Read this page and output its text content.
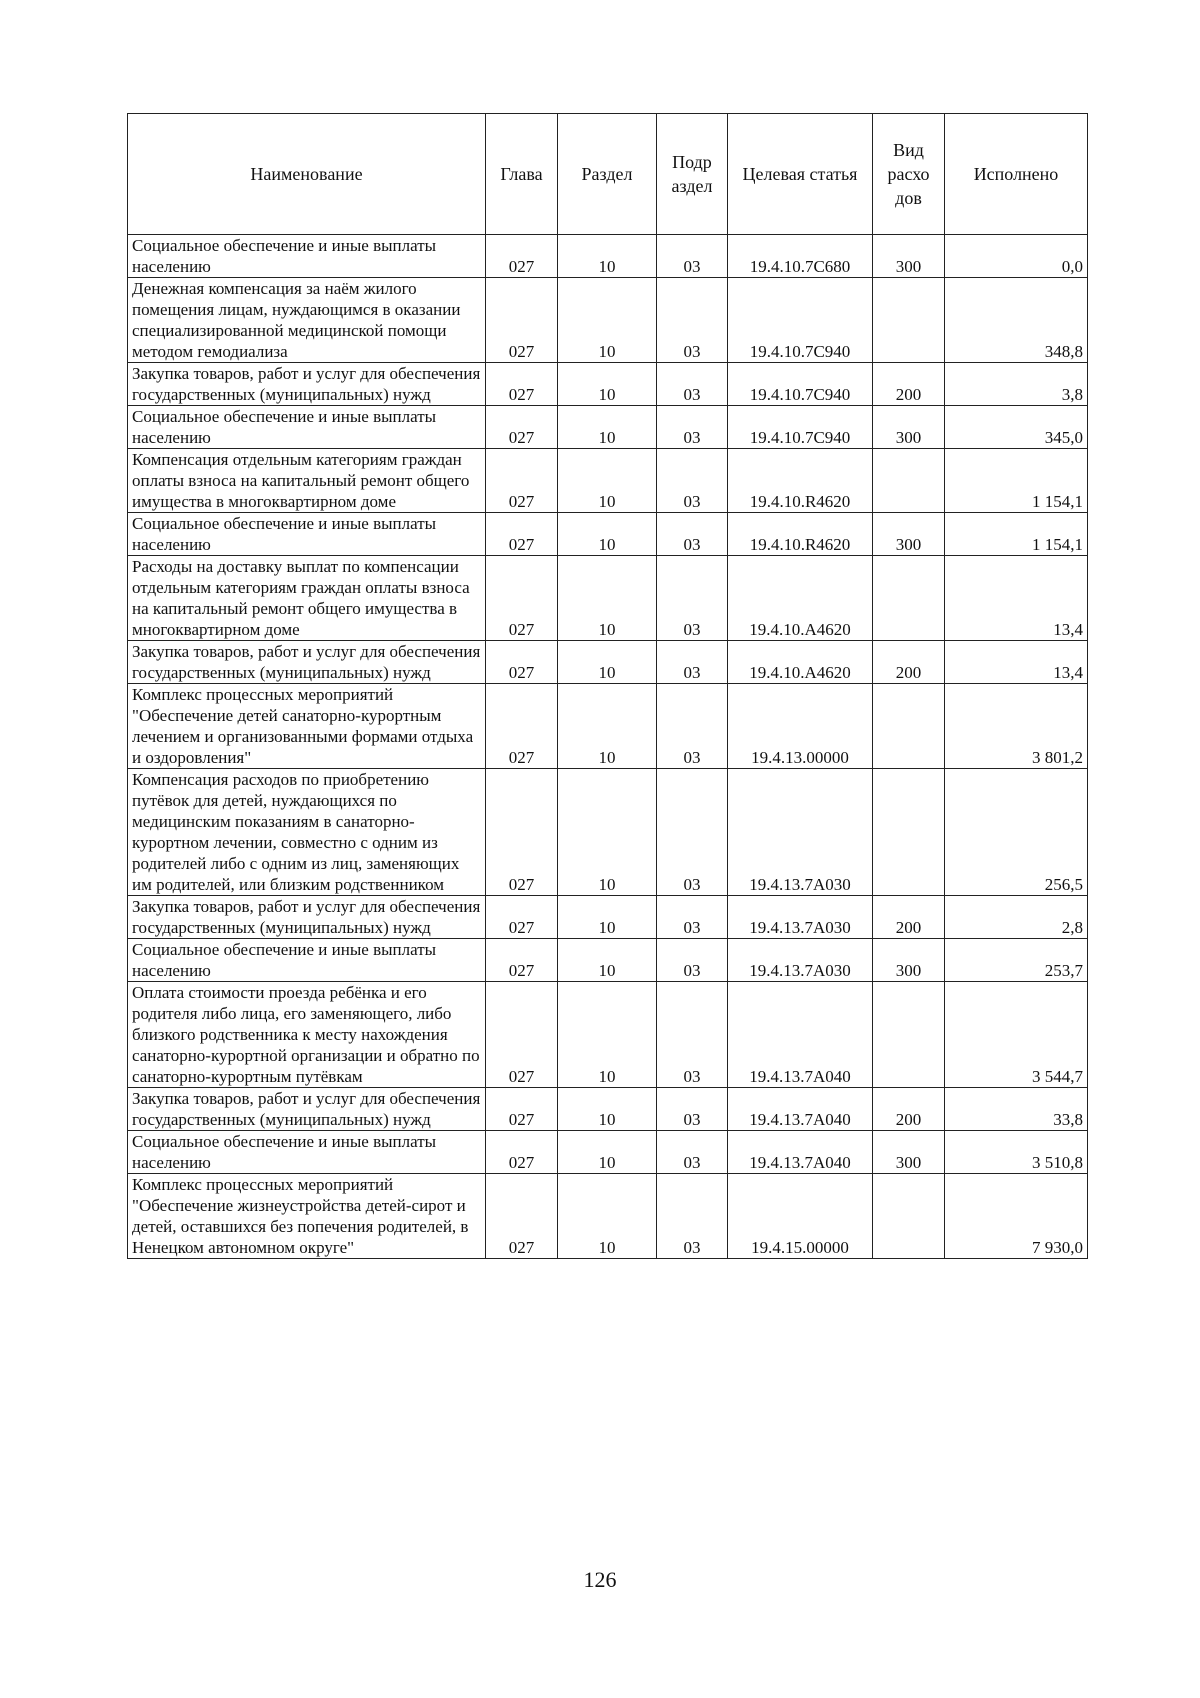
Наименование	Глава	Раздел	Подр аздел	Целевая статья	Вид расхо дов	Исполнено
Социальное обеспечение и иные выплаты населению	027	10	03	19.4.10.7С680	300	0,0
Денежная компенсация за наём жилого помещения лицам, нуждающимся в оказании специализированной медицинской помощи методом гемодиализа	027	10	03	19.4.10.7С940		348,8
Закупка товаров, работ и услуг для обеспечения государственных (муниципальных) нужд	027	10	03	19.4.10.7С940	200	3,8
Социальное обеспечение и иные выплаты населению	027	10	03	19.4.10.7С940	300	345,0
Компенсация отдельным категориям граждан оплаты взноса на капитальный ремонт общего имущества в многоквартирном доме	027	10	03	19.4.10.R4620		1 154,1
Социальное обеспечение и иные выплаты населению	027	10	03	19.4.10.R4620	300	1 154,1
Расходы на доставку выплат по компенсации отдельным категориям граждан оплаты взноса на капитальный ремонт общего имущества в многоквартирном доме	027	10	03	19.4.10.А4620		13,4
Закупка товаров, работ и услуг для обеспечения государственных (муниципальных) нужд	027	10	03	19.4.10.А4620	200	13,4
Комплекс процессных мероприятий "Обеспечение детей санаторно-курортным лечением и организованными формами отдыха и оздоровления"	027	10	03	19.4.13.00000		3 801,2
Компенсация расходов по приобретению путёвок для детей, нуждающихся по медицинским показаниям в санаторно-курортном лечении, совместно с одним из родителей либо с одним из лиц, заменяющих им родителей, или близким родственником	027	10	03	19.4.13.7А030		256,5
Закупка товаров, работ и услуг для обеспечения государственных (муниципальных) нужд	027	10	03	19.4.13.7А030	200	2,8
Социальное обеспечение и иные выплаты населению	027	10	03	19.4.13.7А030	300	253,7
Оплата стоимости проезда ребёнка и его родителя либо лица, его заменяющего, либо близкого родственника к месту нахождения санаторно-курортной организации и обратно по санаторно-курортным путёвкам	027	10	03	19.4.13.7А040		3 544,7
Закупка товаров, работ и услуг для обеспечения государственных (муниципальных) нужд	027	10	03	19.4.13.7А040	200	33,8
Социальное обеспечение и иные выплаты населению	027	10	03	19.4.13.7А040	300	3 510,8
Комплекс процессных мероприятий "Обеспечение жизнеустройства детей-сирот и детей, оставшихся без попечения родителей, в Ненецком автономном округе"	027	10	03	19.4.15.00000		7 930,0
126
